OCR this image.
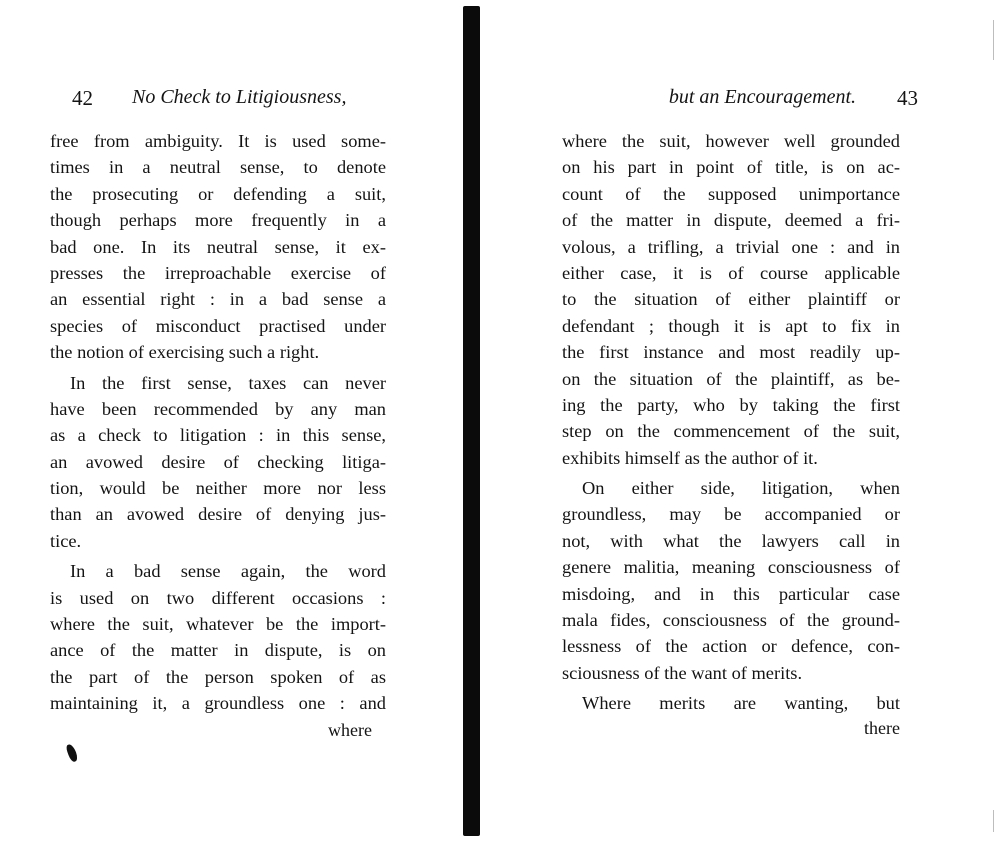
42 No Check to Litigiousness,
free from ambiguity. It is used some-
times in a neutral sense, to denote
the prosecuting or defending a suit,
though perhaps more frequently in a
bad one. In its neutral sense, it ex-
presses the irreproachable exercise of
an essential right : in a bad sense a
species of misconduct practised under
the notion of exercising such a right.
In the first sense, taxes can never
have been recommended by any man
as a check to litigation : in this sense,
an avowed desire of checking litiga-
tion, would be neither more nor less
than an avowed desire of denying jus-
tice.
In a bad sense again, the word
is used on two different occasions :
where the suit, whatever be the import-
ance of the matter in dispute, is on
the part of the person spoken of as
maintaining it, a groundless one : and
where
but an Encouragement. 43
where the suit, however well grounded
on his part in point of title, is on ac-
count of the supposed unimportance
of the matter in dispute, deemed a fri-
volous, a trifling, a trivial one : and in
either case, it is of course applicable
to the situation of either plaintiff or
defendant ; though it is apt to fix in
the first instance and most readily up-
on the situation of the plaintiff, as be-
ing the party, who by taking the first
step on the commencement of the suit,
exhibits himself as the author of it.
On either side, litigation, when
groundless, may be accompanied or
not, with what the lawyers call in
genere malitia, meaning consciousness of
misdoing, and in this particular case
mala fides, consciousness of the ground-
lessness of the action or defence, con-
sciousness of the want of merits.
Where merits are wanting, but
there
